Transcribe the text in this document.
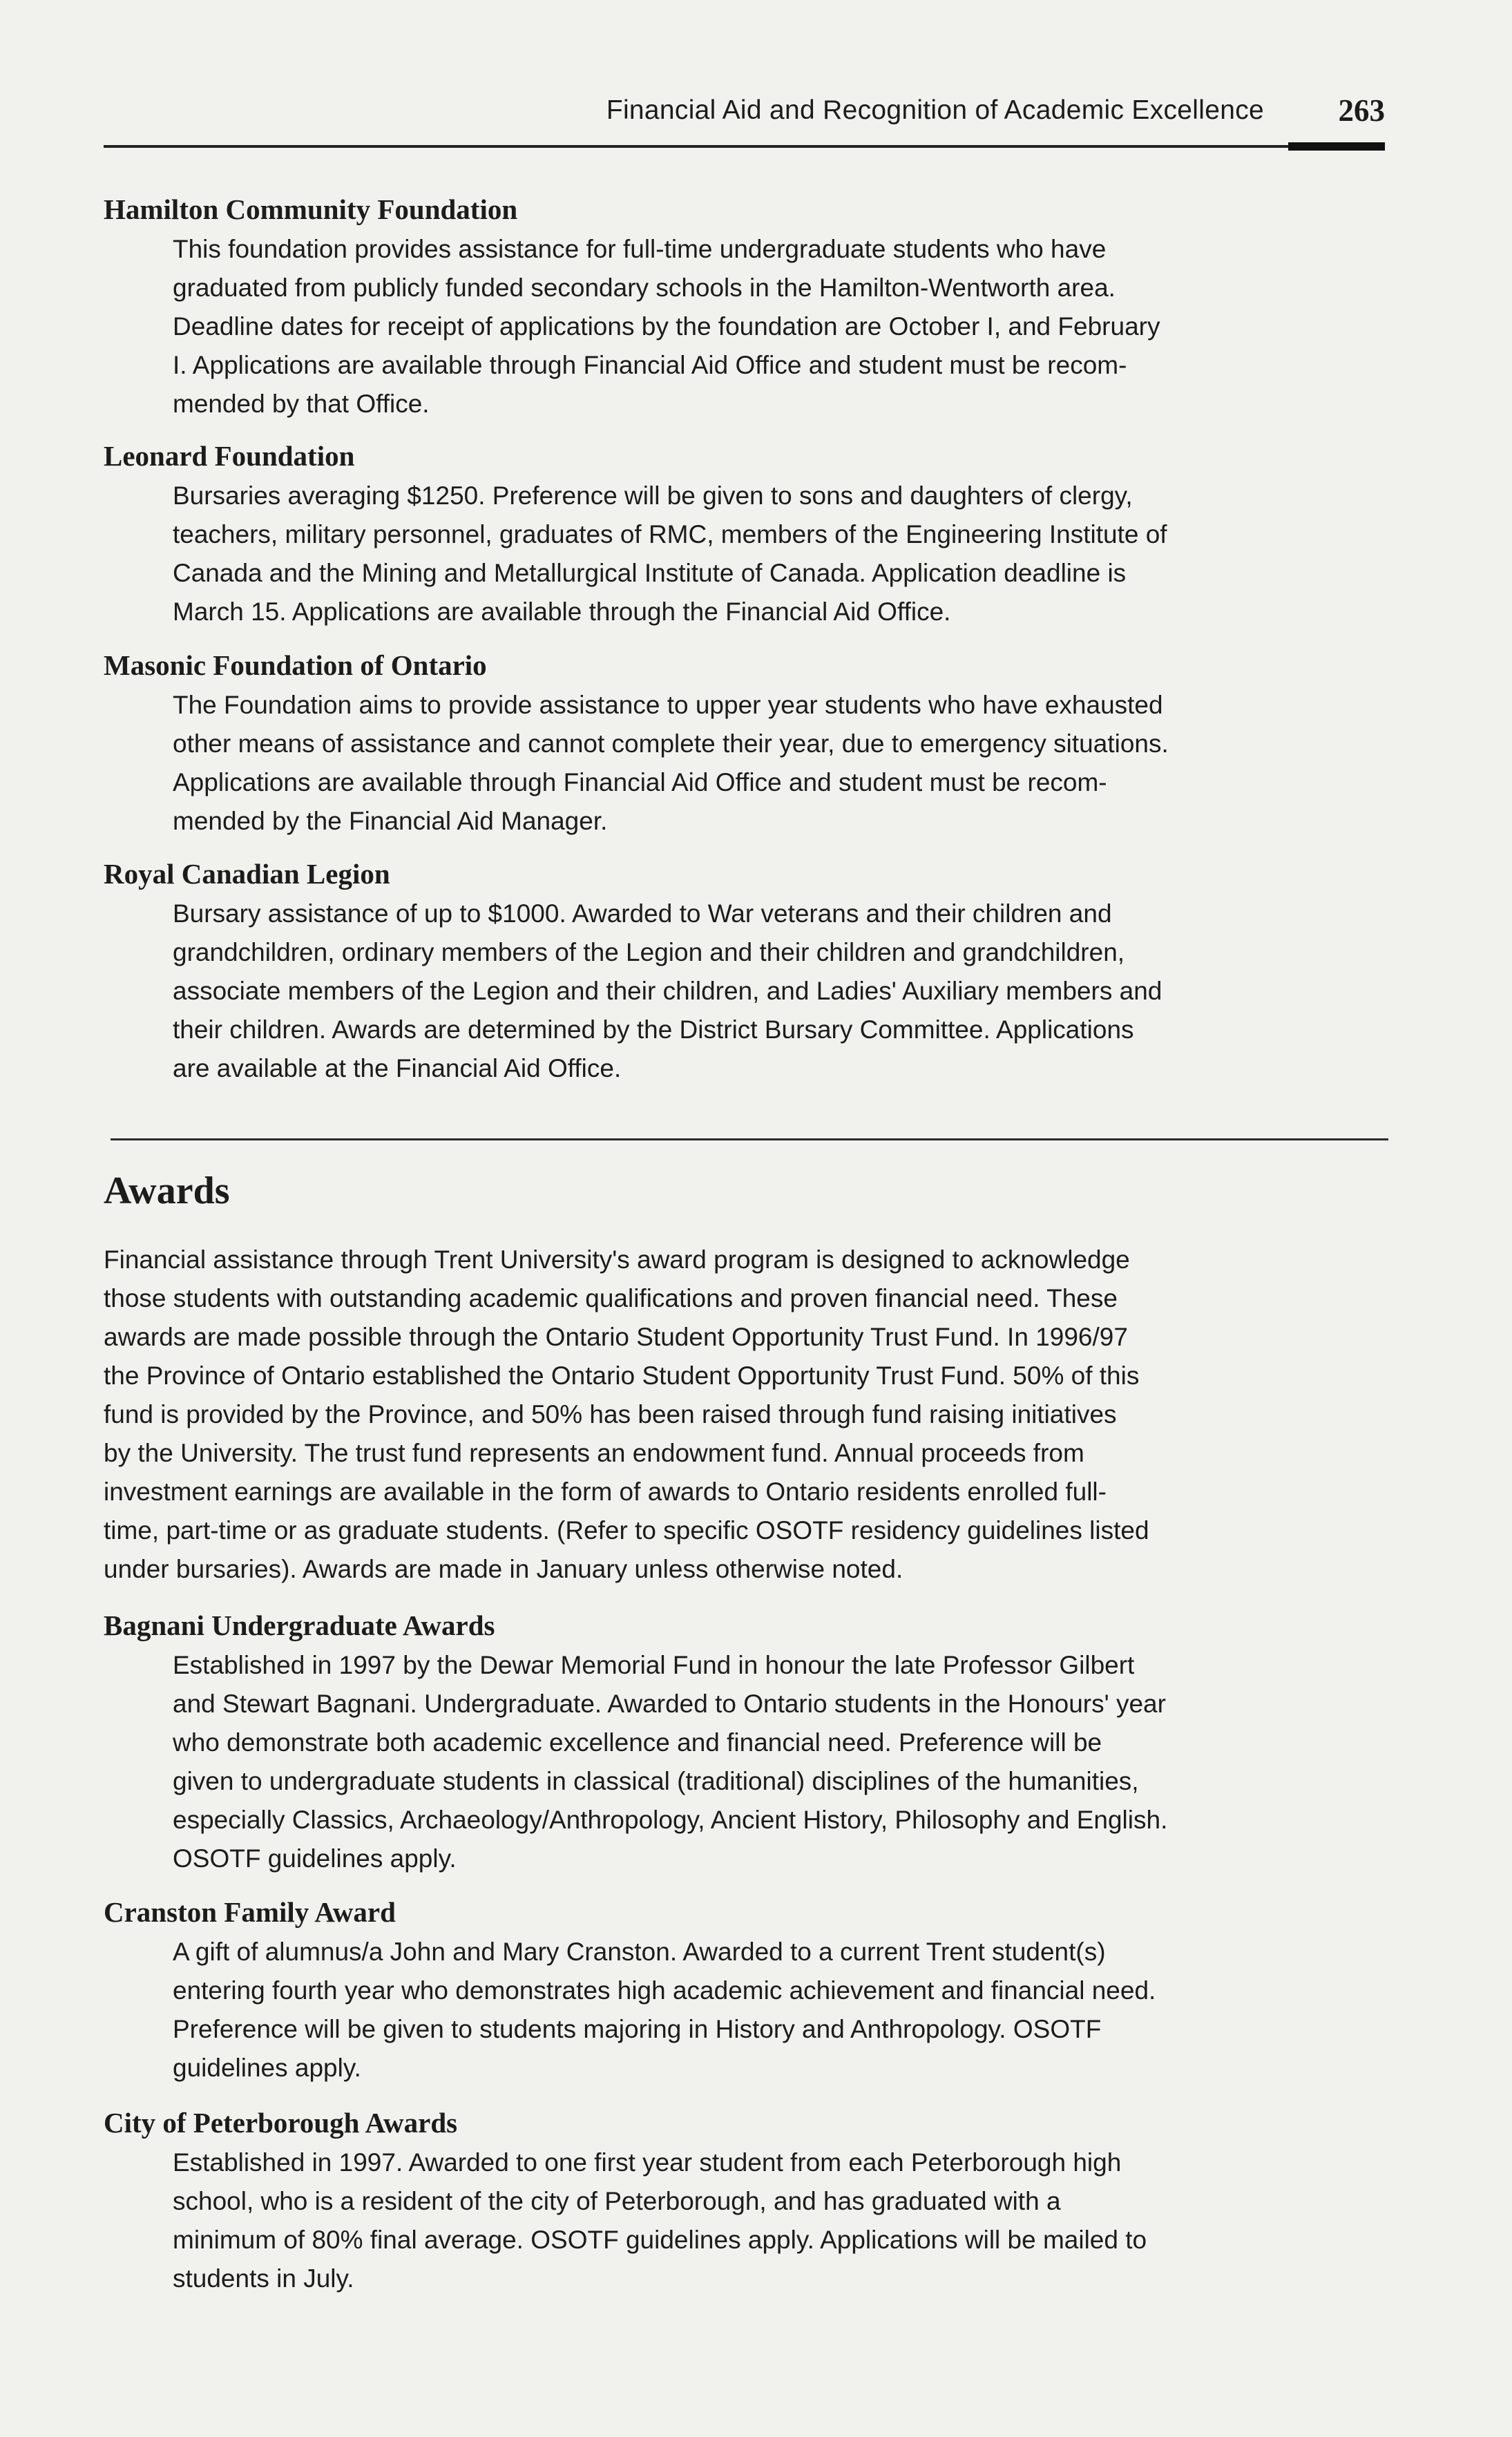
Financial Aid and Recognition of Academic Excellence 263
Hamilton Community Foundation
This foundation provides assistance for full-time undergraduate students who have
graduated from publicly funded secondary schools in the Hamilton-Wentworth area.
Deadline dates for receipt of applications by the foundation are October I, and February
I. Applications are available through Financial Aid Office and student must be recom-
mended by that Office.
Leonard Foundation
Bursaries averaging $1250. Preference will be given to sons and daughters of clergy,
teachers, military personnel, graduates of RMC, members of the Engineering Institute of
Canada and the Mining and Metallurgical Institute of Canada. Application deadline is
March 15. Applications are available through the Financial Aid Office.
Masonic Foundation of Ontario
The Foundation aims to provide assistance to upper year students who have exhausted
other means of assistance and cannot complete their year, due to emergency situations.
Applications are available through Financial Aid Office and student must be recom-
mended by the Financial Aid Manager.
Royal Canadian Legion
Bursary assistance of up to $1000. Awarded to War veterans and their children and
grandchildren, ordinary members of the Legion and their children and grandchildren,
associate members of the Legion and their children, and Ladies' Auxiliary members and
their children. Awards are determined by the District Bursary Committee. Applications
are available at the Financial Aid Office.
Awards

Financial assistance through Trent University's award program is designed to acknowledge
those students with outstanding academic qualifications and proven financial need. These
awards are made possible through the Ontario Student Opportunity Trust Fund. In 1996/97
the Province of Ontario established the Ontario Student Opportunity Trust Fund. 50% of this
fund is provided by the Province, and 50% has been raised through fund raising initiatives
by the University. The trust fund represents an endowment fund. Annual proceeds from
investment earnings are available in the form of awards to Ontario residents enrolled full-
time, part-time or as graduate students. (Refer to specific OSOTF residency guidelines listed
under bursaries). Awards are made in January unless otherwise noted.

Bagnani Undergraduate Awards
Established in 1997 by the Dewar Memorial Fund in honour the late Professor Gilbert
and Stewart Bagnani. Undergraduate. Awarded to Ontario students in the Honours' year
who demonstrate both academic excellence and financial need. Preference will be
given to undergraduate students in classical (traditional) disciplines of the humanities,
especially Classics, Archaeology/Anthropology, Ancient History, Philosophy and English.
OSOTF guidelines apply.
Cranston Family Award
A gift of alumnus/a John and Mary Cranston. Awarded to a current Trent student(s)
entering fourth year who demonstrates high academic achievement and financial need.
Preference will be given to students majoring in History and Anthropology. OSOTF
guidelines apply.
City of Peterborough Awards
Established in 1997. Awarded to one first year student from each Peterborough high
school, who is a resident of the city of Peterborough, and has graduated with a
minimum of 80% final average. OSOTF guidelines apply. Applications will be mailed to
students in July.
